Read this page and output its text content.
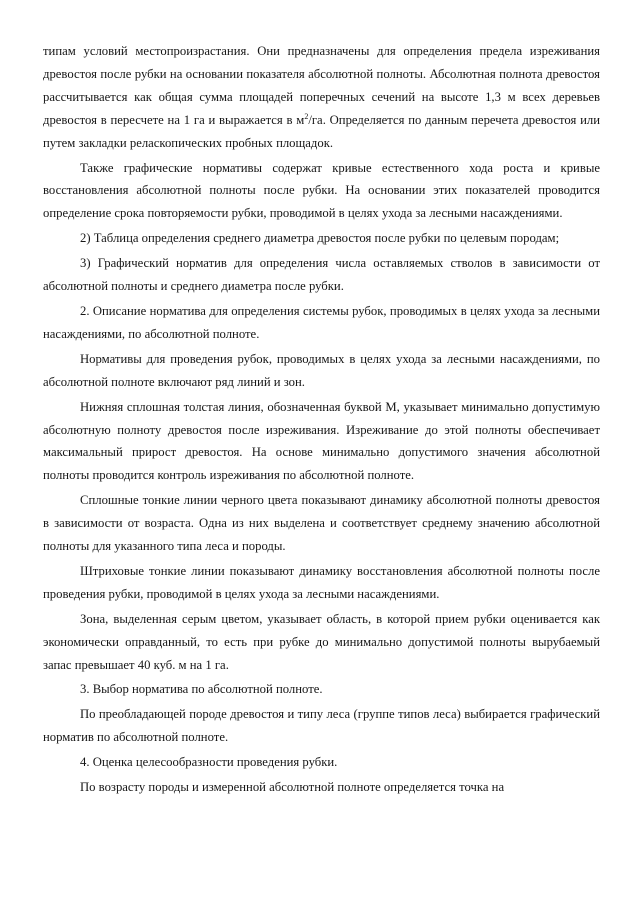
типам условий местопроизрастания. Они предназначены для определения предела изреживания древостоя после рубки на основании показателя абсолютной полноты. Абсолютная полнота древостоя рассчитывается как общая сумма площадей поперечных сечений на высоте 1,3 м всех деревьев древостоя в пересчете на 1 га и выражается в $м^2/га$. Определяется по данным перечета древостоя или путем закладки реласкопических пробных площадок.

Также графические нормативы содержат кривые естественного хода роста и кривые восстановления абсолютной полноты после рубки. На основании этих показателей проводится определение срока повторяемости рубки, проводимой в целях ухода за лесными насаждениями.

2) Таблица определения среднего диаметра древостоя после рубки по целевым породам;

3) Графический норматив для определения числа оставляемых стволов в зависимости от абсолютной полноты и среднего диаметра после рубки.

2. Описание норматива для определения системы рубок, проводимых в целях ухода за лесными насаждениями, по абсолютной полноте.

Нормативы для проведения рубок, проводимых в целях ухода за лесными насаждениями, по абсолютной полноте включают ряд линий и зон.

Нижняя сплошная толстая линия, обозначенная буквой М, указывает минимально допустимую абсолютную полноту древостоя после изреживания. Изреживание до этой полноты обеспечивает максимальный прирост древостоя. На основе минимально допустимого значения абсолютной полноты проводится контроль изреживания по абсолютной полноте.

Сплошные тонкие линии черного цвета показывают динамику абсолютной полноты древостоя в зависимости от возраста. Одна из них выделена и соответствует среднему значению абсолютной полноты для указанного типа леса и породы.

Штриховые тонкие линии показывают динамику восстановления абсолютной полноты после проведения рубки, проводимой в целях ухода за лесными насаждениями.

Зона, выделенная серым цветом, указывает область, в которой прием рубки оценивается как экономически оправданный, то есть при рубке до минимально допустимой полноты вырубаемый запас превышает 40 куб. м на 1 га.

3. Выбор норматива по абсолютной полноте.

По преобладающей породе древостоя и типу леса (группе типов леса) выбирается графический норматив по абсолютной полноте.

4. Оценка целесообразности проведения рубки.

По возрасту породы и измеренной абсолютной полноте определяется точка на
